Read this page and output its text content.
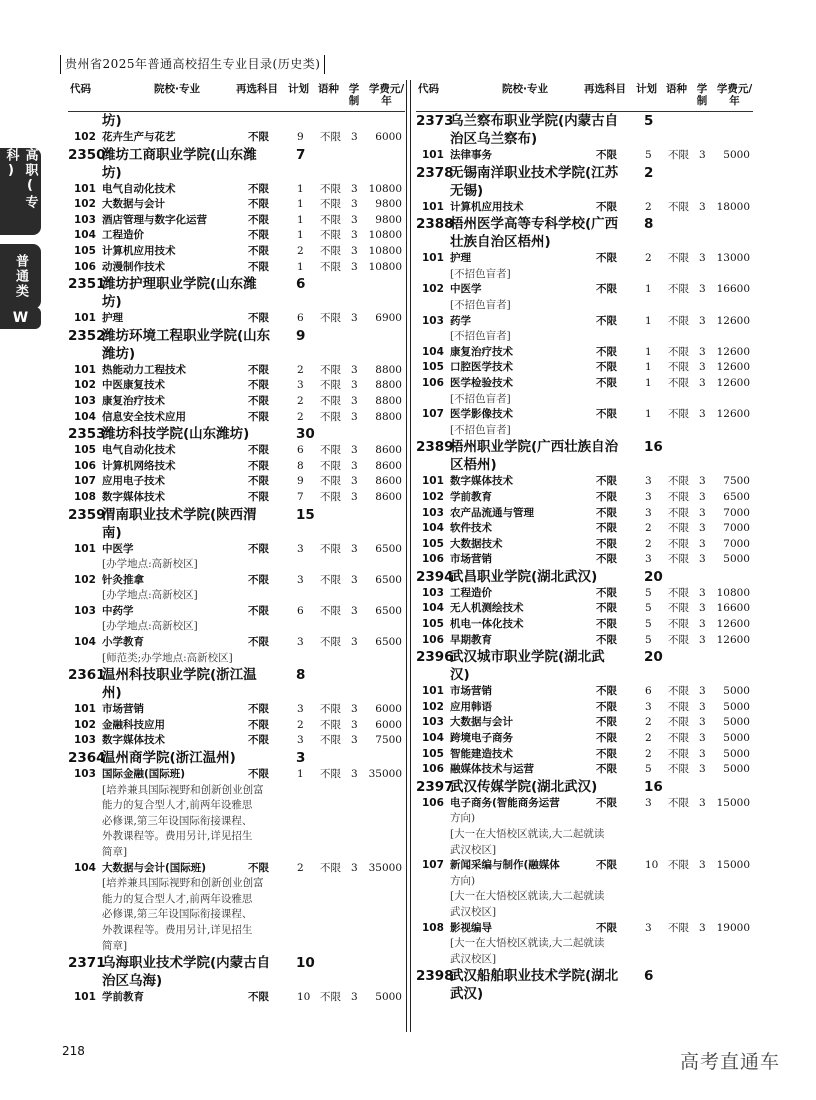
贵州省2025年普通高校招生专业目录(历史类)
高职(专科)
普通类
W
代码	院校·专业	再选科目 计划 语种 学制
学费元/年
坊)
102 花卉生产与花艺	不限	9 不限 3	6000
2350
潍坊工商职业学院(山东潍	7
坊)
101 电气自动化技术	不限	1 不限 3 10800
102 大数据与会计	不限	1 不限 3	9800
103 酒店管理与数字化运营	不限	1 不限 3	9800
104 工程造价	不限	1 不限 3 10800
105 计算机应用技术	不限	2 不限 3 10800
106 动漫制作技术	不限	1 不限 3 10800
2351
潍坊护理职业学院(山东潍	6
坊)
101 护理	不限	6 不限 3	6900
2352
潍坊环境工程职业学院(山东 9
潍坊)
101 热能动力工程技术	不限	2 不限 3	8800
102 中医康复技术	不限	3 不限 3	8800
103 康复治疗技术	不限	2 不限 3	8800
104 信息安全技术应用	不限	2 不限 3	8800
2353
潍坊科技学院(山东潍坊)	30
105 电气自动化技术	不限	6 不限 3	8600
106 计算机网络技术	不限	8 不限 3	8600
107 应用电子技术	不限	9 不限 3	8600
108 数字媒体技术	不限	7 不限 3	8600
2359
渭南职业技术学院(陕西渭	15
南)
101 中医学	不限	3 不限 3	6500
[办学地点:高新校区]
102 针灸推拿	不限	3 不限 3	6500
[办学地点:高新校区]
103 中药学	不限	6 不限 3	6500
[办学地点:高新校区]
104 小学教育	不限	3 不限 3	6500
[师范类;办学地点:高新校区]
2361
温州科技职业学院(浙江温	8
州)
101 市场营销	不限	3 不限 3	6000
102 金融科技应用	不限	2 不限 3	6000
103 数字媒体技术	不限	3 不限 3	7500
2364
温州商学院(浙江温州)	3
103 国际金融(国际班)	不限	1 不限 3 35000
[培养兼具国际视野和创新创业创富
能力的复合型人才,前两年设雅思
必修课,第三年设国际衔接课程、
外教课程等。费用另计,详见招生
简章]
104 大数据与会计(国际班)	不限	2 不限 3 35000
[培养兼具国际视野和创新创业创富
能力的复合型人才,前两年设雅思
必修课,第三年设国际衔接课程、
外教课程等。费用另计,详见招生
简章]
2371
乌海职业技术学院(内蒙古自 10
治区乌海)
101 学前教育	不限	10 不限 3	5000
代码	院校·专业	再选科目 计划 语种 学制
学费元/年
2373
乌兰察布职业学院(内蒙古自 5
治区乌兰察布)
101 法律事务	不限	5 不限 3	5000
2378
无锡南洋职业技术学院(江苏 2
无锡)
101 计算机应用技术	不限	2 不限 3 18000
2388
梧州医学高等专科学校(广西 8
壮族自治区梧州)
101 护理	不限	2 不限 3 13000
[不招色盲者]
102 中医学	不限	1 不限 3 16600
[不招色盲者]
103 药学	不限	1 不限 3 12600
[不招色盲者]
104 康复治疗技术	不限	1 不限 3 12600
105 口腔医学技术	不限	1 不限 3 12600
106 医学检验技术	不限	1 不限 3 12600
[不招色盲者]
107 医学影像技术	不限	1 不限 3 12600
[不招色盲者]
2389
梧州职业学院(广西壮族自治 16
区梧州)
101 数字媒体技术	不限	3 不限 3	7500
102 学前教育	不限	3 不限 3	6500
103 农产品流通与管理	不限	3 不限 3	7000
104 软件技术	不限	2 不限 3	7000
105 大数据技术	不限	2 不限 3	7000
106 市场营销	不限	3 不限 3	5000
2394
武昌职业学院(湖北武汉)	20
103 工程造价	不限	5 不限 3 10800
104 无人机测绘技术	不限	5 不限 3 16600
105 机电一体化技术	不限	5 不限 3 12600
106 早期教育	不限	5 不限 3 12600
2396
武汉城市职业学院(湖北武	20
汉)
101 市场营销	不限	6 不限 3	5000
102 应用韩语	不限	3 不限 3	5000
103 大数据与会计	不限	2 不限 3	5000
104 跨境电子商务	不限	2 不限 3	5000
105 智能建造技术	不限	2 不限 3	5000
106 融媒体技术与运营	不限	5 不限 3	5000
2397
武汉传媒学院(湖北武汉)	16
106 电子商务(智能商务运营	不限	3 不限 3 15000
方向)
[大一在大悟校区就读,大二起就读
武汉校区]
107 新闻采编与制作(融媒体	不限	10 不限 3 15000
方向)
[大一在大悟校区就读,大二起就读
武汉校区]
108 影视编导	不限	3 不限 3 19000
[大一在大悟校区就读,大二起就读
武汉校区]
2398
武汉船舶职业技术学院(湖北 6
武汉)
218	高考直通车
